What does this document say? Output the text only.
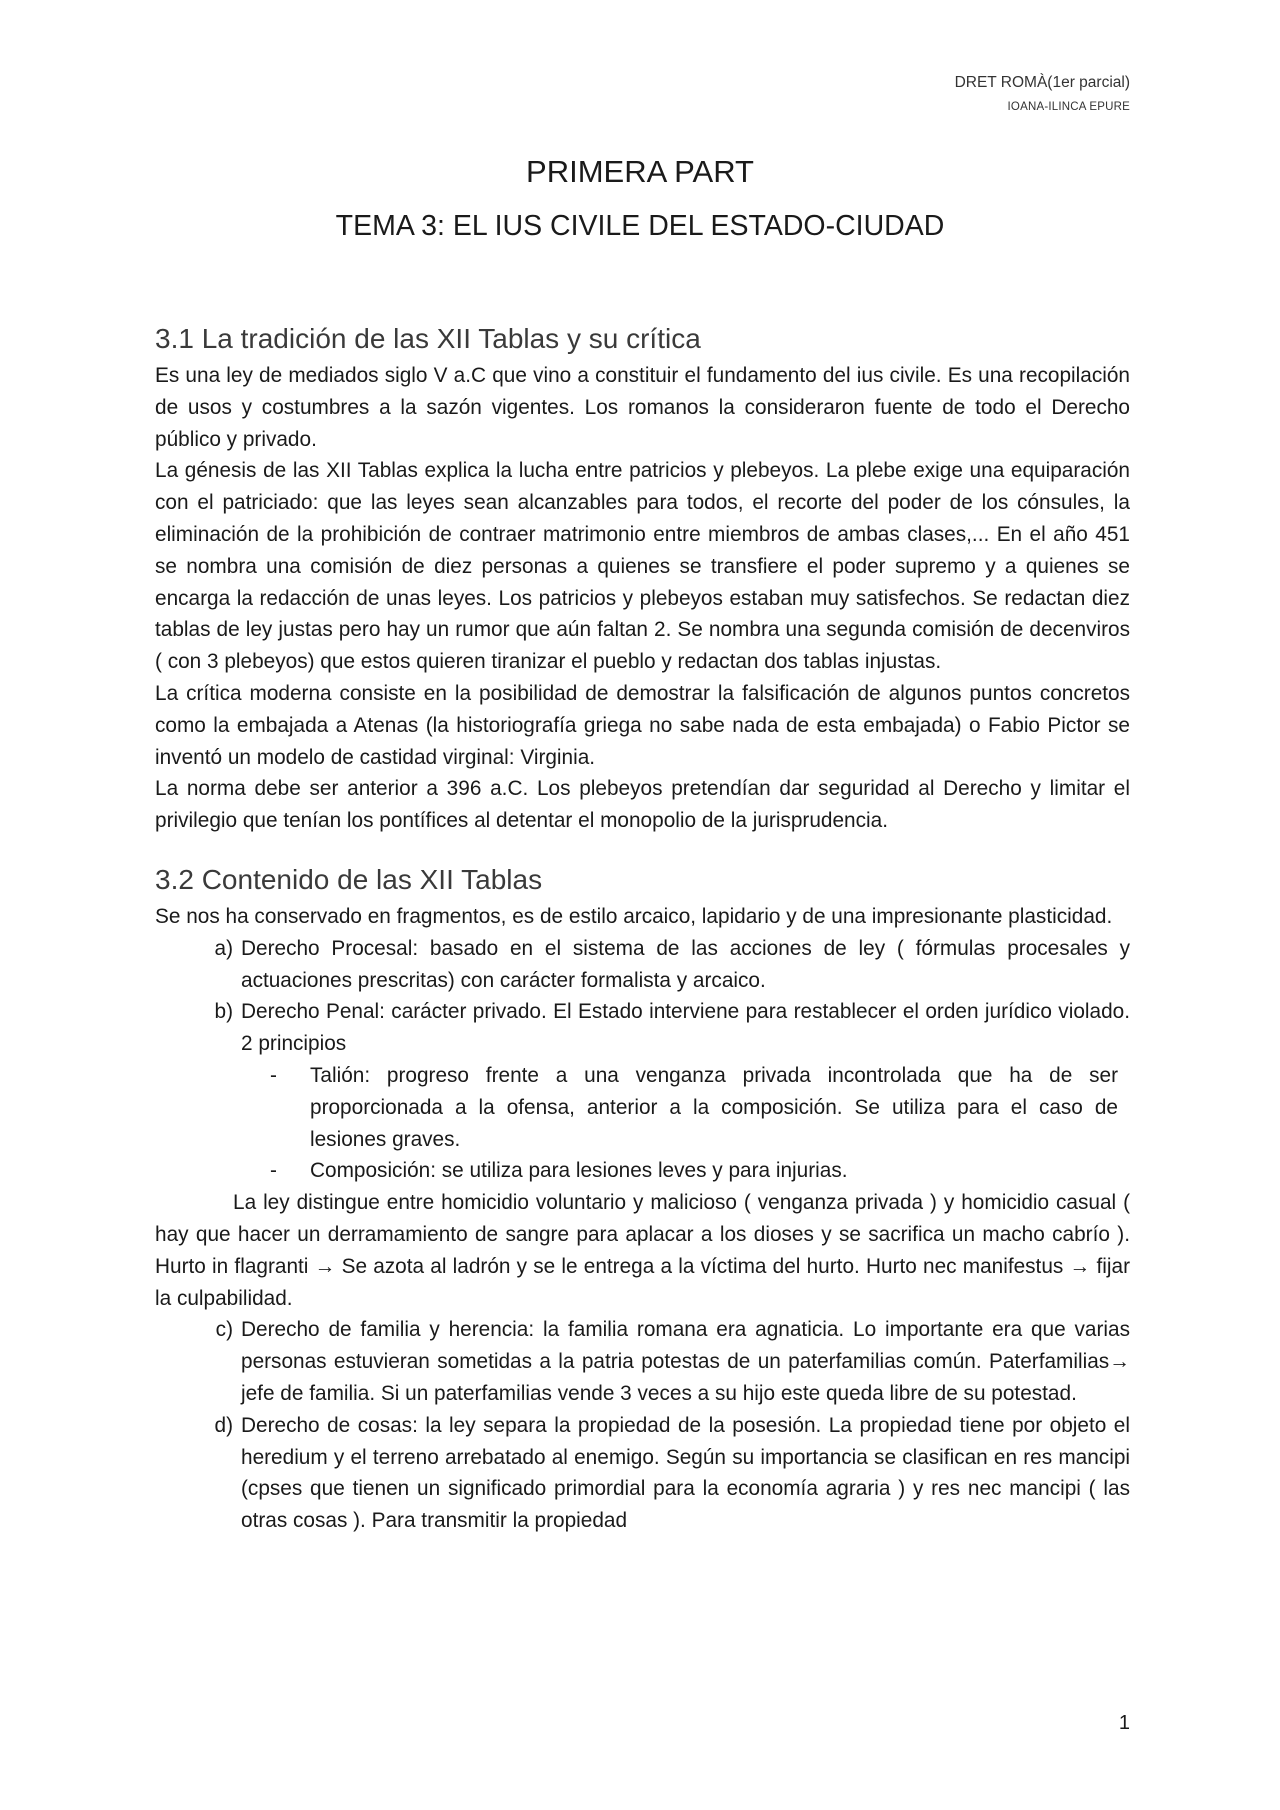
DRET ROMÀ(1er parcial)
IOANA-ILINCA EPURE
PRIMERA PART
TEMA 3: EL IUS CIVILE DEL ESTADO-CIUDAD
3.1 La tradición de las XII Tablas y su crítica

Es una ley de mediados siglo V a.C que vino a constituir el fundamento del ius civile. Es una recopilación de usos y costumbres a la sazón vigentes. Los romanos la consideraron fuente de todo el Derecho público y privado.

La génesis de las XII Tablas explica la lucha entre patricios y plebeyos. La plebe exige una equiparación con el patriciado: que las leyes sean alcanzables para todos, el recorte del poder de los cónsules, la eliminación de la prohibición de contraer matrimonio entre miembros de ambas clases,... En el año 451 se nombra una comisión de diez personas a quienes se transfiere el poder supremo y a quienes se encarga la redacción de unas leyes. Los patricios y plebeyos estaban muy satisfechos. Se redactan diez tablas de ley justas pero hay un rumor que aún faltan 2. Se nombra una segunda comisión de decenviros ( con 3 plebeyos) que estos quieren tiranizar el pueblo y redactan dos tablas injustas.

La crítica moderna consiste en la posibilidad de demostrar la falsificación de algunos puntos concretos como la embajada a Atenas (la historiografía griega no sabe nada de esta embajada) o Fabio Pictor se inventó un modelo de castidad virginal: Virginia.

La norma debe ser anterior a 396 a.C. Los plebeyos pretendían dar seguridad al Derecho y limitar el privilegio que tenían los pontífices al detentar el monopolio de la jurisprudencia.

3.2 Contenido de las XII Tablas

Se nos ha conservado en fragmentos, es de estilo arcaico, lapidario y de una impresionante plasticidad.

a) Derecho Procesal: basado en el sistema de las acciones de ley ( fórmulas procesales y actuaciones prescritas) con carácter formalista y arcaico.
b) Derecho Penal: carácter privado. El Estado interviene para restablecer el orden jurídico violado. 2 principios
-	Talión: progreso frente a una venganza privada incontrolada que ha de ser proporcionada a la ofensa, anterior a la composición. Se utiliza para el caso de lesiones graves.
-	Composición: se utiliza para lesiones leves y para injurias.

La ley distingue entre homicidio voluntario y malicioso ( venganza privada ) y homicidio casual ( hay que hacer un derramamiento de sangre para aplacar a los dioses y se sacrifica un macho cabrío ). Hurto in flagranti → Se azota al ladrón y se le entrega a la víctima del hurto. Hurto nec manifestus → fijar la culpabilidad.

c) Derecho de familia y herencia: la familia romana era agnaticia. Lo importante era que varias personas estuvieran sometidas a la patria potestas de un paterfamilias común. Paterfamilias→ jefe de familia. Si un paterfamilias vende 3 veces a su hijo este queda libre de su potestad.
d) Derecho de cosas: la ley separa la propiedad de la posesión. La propiedad tiene por objeto el heredium y el terreno arrebatado al enemigo. Según su importancia se clasifican en res mancipi (cpses que tienen un significado primordial para la economía agraria ) y res nec mancipi ( las otras cosas ). Para transmitir la propiedad
1
